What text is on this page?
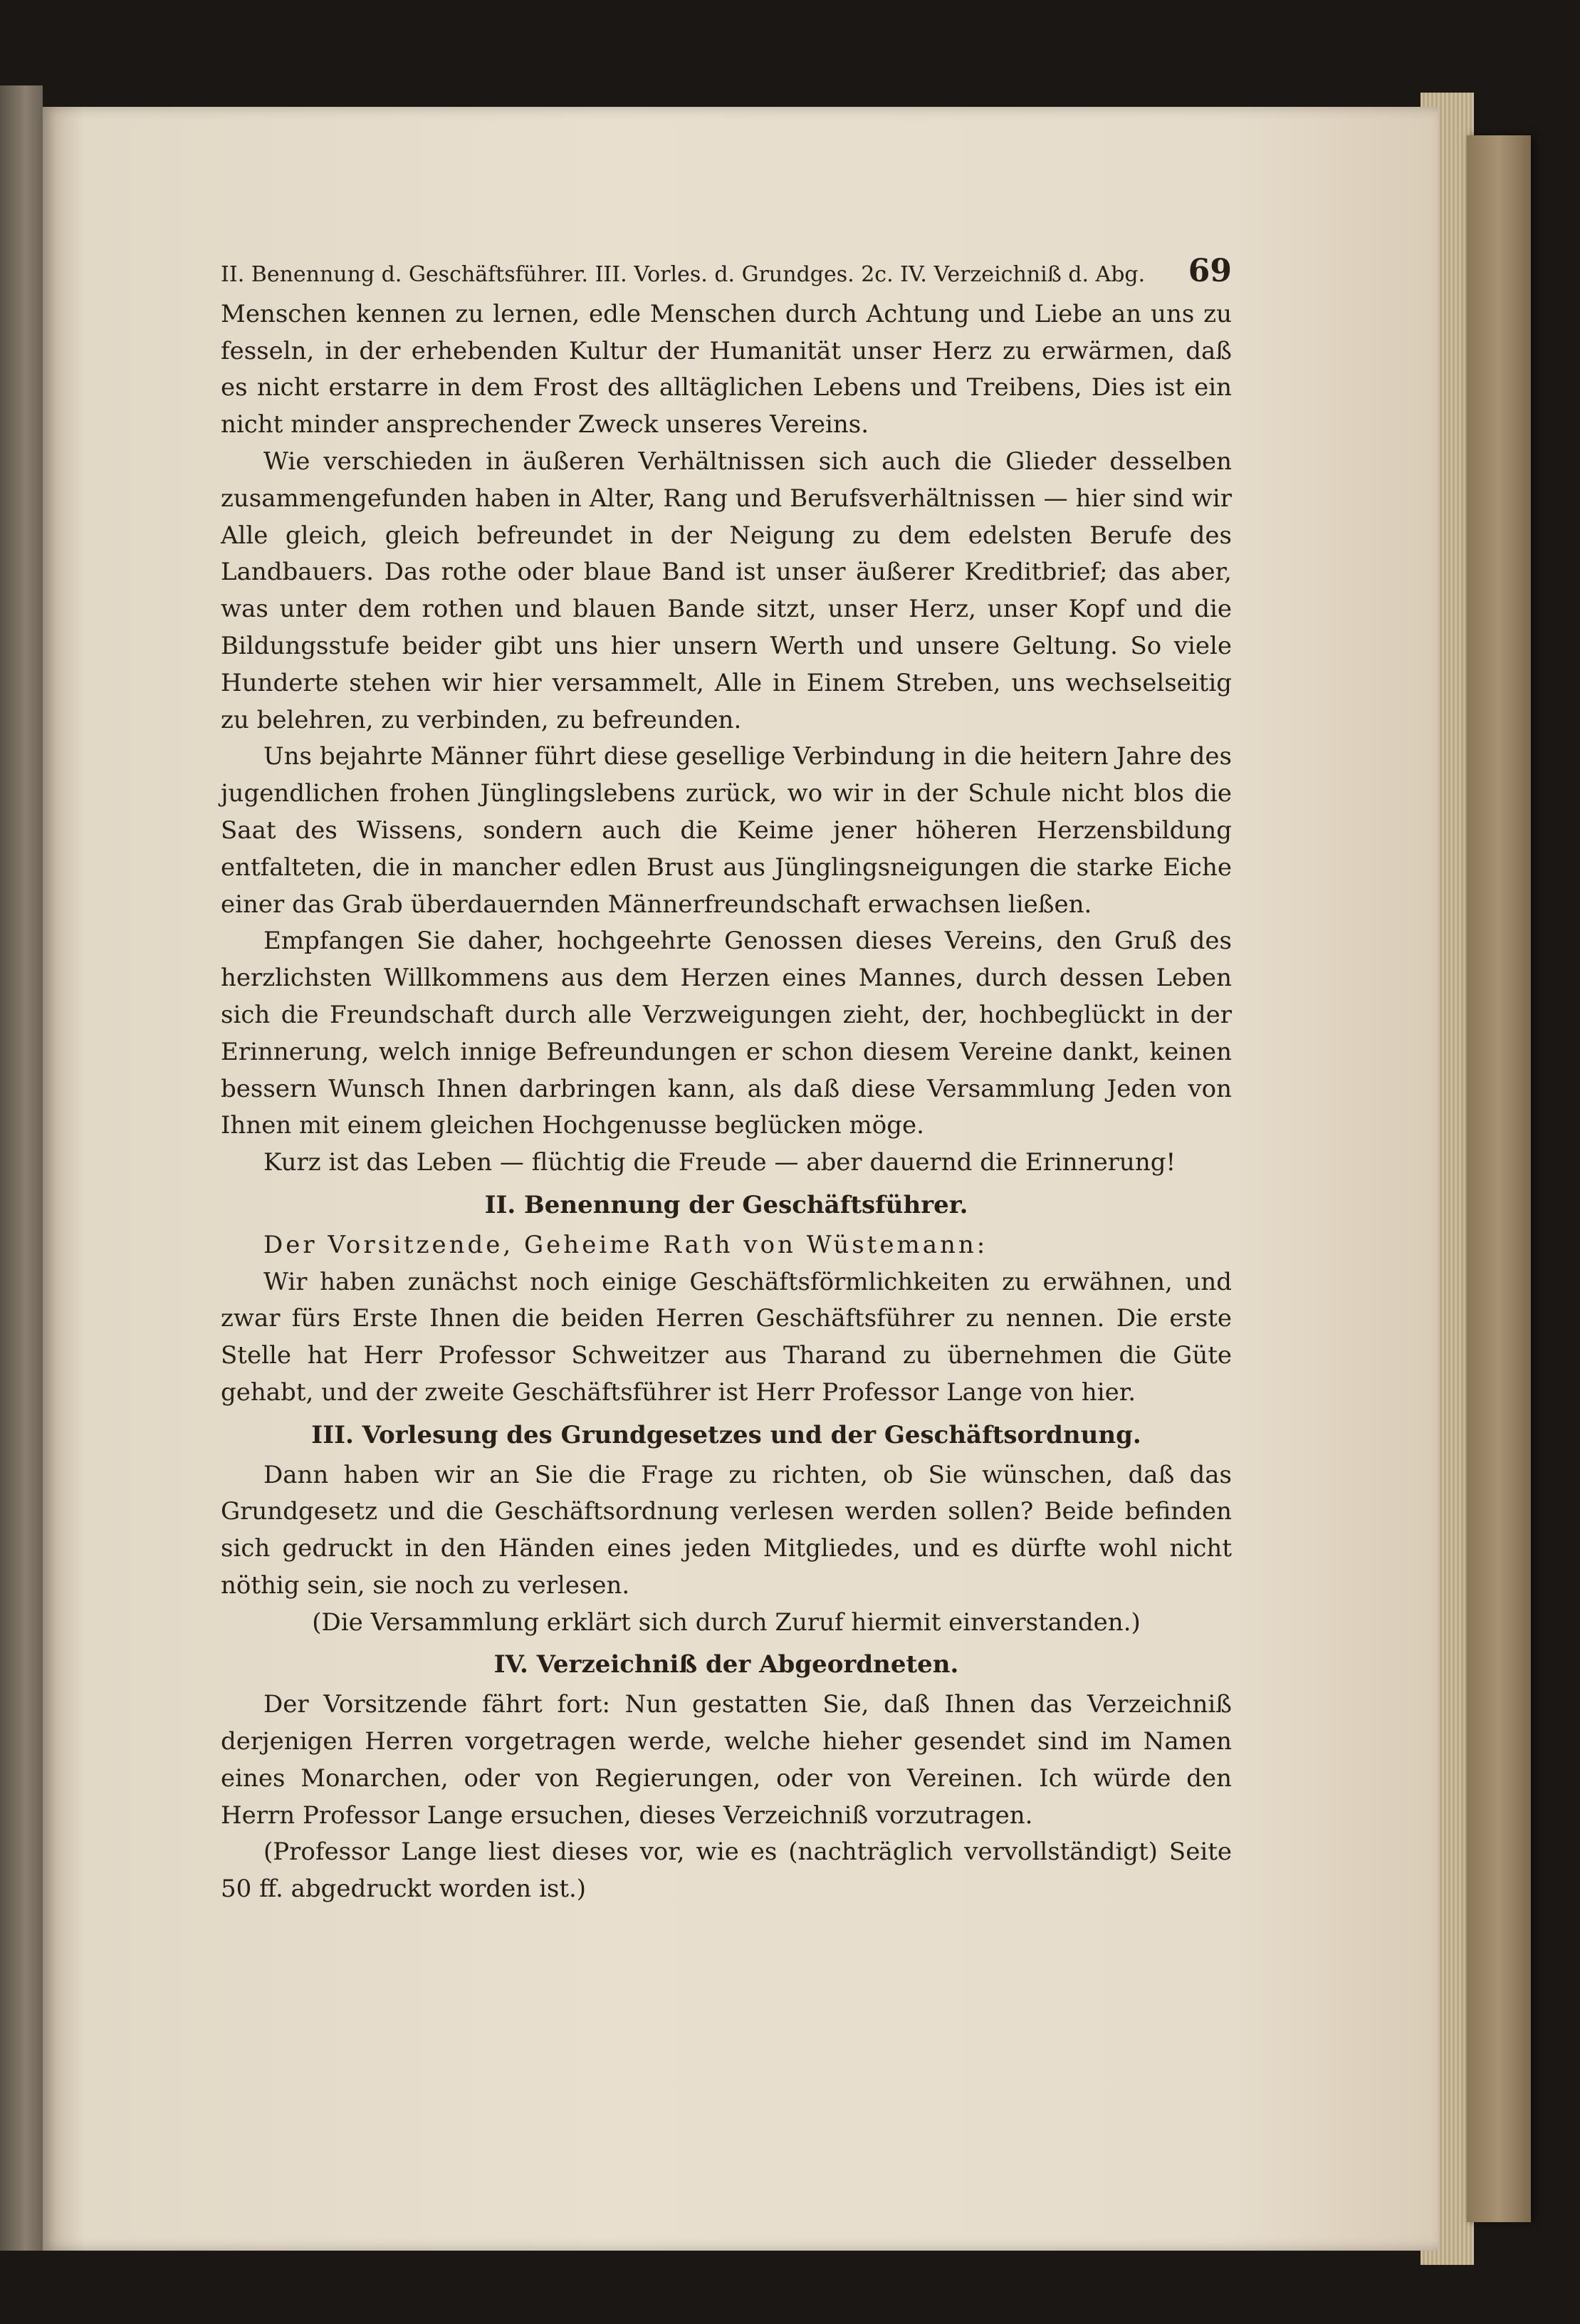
II. Benennung d. Geschäftsführer. III. Vorles. d. Grundges. 2c. IV. Verzeichniß d. Abg. 69

Menschen kennen zu lernen, edle Menschen durch Achtung und Liebe an uns zu fesseln, in der erhebenden Kultur der Humanität unser Herz zu erwärmen, daß es nicht erstarre in dem Frost des alltäglichen Lebens und Treibens, Dies ist ein nicht minder ansprechender Zweck unseres Vereins.

Wie verschieden in äußeren Verhältnissen sich auch die Glieder desselben zusammengefunden haben in Alter, Rang und Berufsverhältnissen — hier sind wir Alle gleich, gleich befreundet in der Neigung zu dem edelsten Berufe des Landbauers. Das rothe oder blaue Band ist unser äußerer Kreditbrief; das aber, was unter dem rothen und blauen Bande sitzt, unser Herz, unser Kopf und die Bildungsstufe beider gibt uns hier unsern Werth und unsere Geltung. So viele Hunderte stehen wir hier versammelt, Alle in Einem Streben, uns wechselseitig zu belehren, zu verbinden, zu befreunden.

Uns bejahrte Männer führt diese gesellige Verbindung in die heitern Jahre des jugendlichen frohen Jünglingslebens zurück, wo wir in der Schule nicht blos die Saat des Wissens, sondern auch die Keime jener höheren Herzensbildung entfalteten, die in mancher edlen Brust aus Jünglingsneigungen die starke Eiche einer das Grab überdauernden Männerfreundschaft erwachsen ließen.

Empfangen Sie daher, hochgeehrte Genossen dieses Vereins, den Gruß des herzlichsten Willkommens aus dem Herzen eines Mannes, durch dessen Leben sich die Freundschaft durch alle Verzweigungen zieht, der, hochbeglückt in der Erinnerung, welch innige Befreundungen er schon diesem Vereine dankt, keinen bessern Wunsch Ihnen darbringen kann, als daß diese Versammlung Jeden von Ihnen mit einem gleichen Hochgenusse beglücken möge.

Kurz ist das Leben — flüchtig die Freude — aber dauernd die Erinnerung!

II. Benennung der Geschäftsführer.

Der Vorsitzende, Geheime Rath von Wüstemann:

Wir haben zunächst noch einige Geschäftsförmlichkeiten zu erwähnen, und zwar fürs Erste Ihnen die beiden Herren Geschäftsführer zu nennen. Die erste Stelle hat Herr Professor Schweitzer aus Tharand zu übernehmen die Güte gehabt, und der zweite Geschäftsführer ist Herr Professor Lange von hier.

III. Vorlesung des Grundgesetzes und der Geschäftsordnung.

Dann haben wir an Sie die Frage zu richten, ob Sie wünschen, daß das Grundgesetz und die Geschäftsordnung verlesen werden sollen? Beide befinden sich gedruckt in den Händen eines jeden Mitgliedes, und es dürfte wohl nicht nöthig sein, sie noch zu verlesen.

(Die Versammlung erklärt sich durch Zuruf hiermit einverstanden.)

IV. Verzeichniß der Abgeordneten.

Der Vorsitzende fährt fort: Nun gestatten Sie, daß Ihnen das Verzeichniß derjenigen Herren vorgetragen werde, welche hieher gesendet sind im Namen eines Monarchen, oder von Regierungen, oder von Vereinen. Ich würde den Herrn Professor Lange ersuchen, dieses Verzeichniß vorzutragen.

(Professor Lange liest dieses vor, wie es (nachträglich vervollständigt) Seite 50 ff. abgedruckt worden ist.)
